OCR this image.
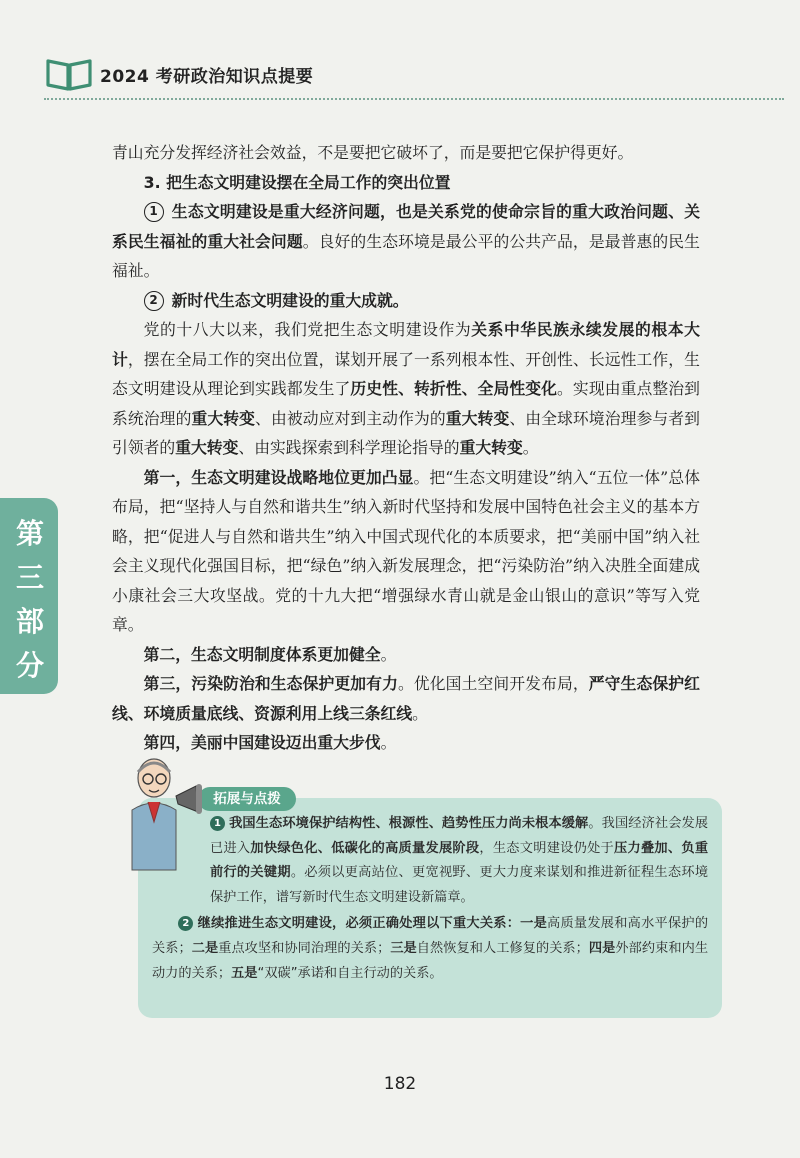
2024 考研政治知识点提要
第
三
部
分

青山充分发挥经济社会效益，不是要把它破坏了，而是要把它保护得更好。

3. 把生态文明建设摆在全局工作的突出位置

1 生态文明建设是重大经济问题，也是关系党的使命宗旨的重大政治问题、关系民生福祉的重大社会问题。良好的生态环境是最公平的公共产品，是最普惠的民生福祉。

2 新时代生态文明建设的重大成就。

党的十八大以来，我们党把生态文明建设作为关系中华民族永续发展的根本大计，摆在全局工作的突出位置，谋划开展了一系列根本性、开创性、长远性工作，生态文明建设从理论到实践都发生了历史性、转折性、全局性变化。实现由重点整治到系统治理的重大转变、由被动应对到主动作为的重大转变、由全球环境治理参与者到引领者的重大转变、由实践探索到科学理论指导的重大转变。

第一，生态文明建设战略地位更加凸显。把“生态文明建设”纳入“五位一体”总体布局，把“坚持人与自然和谐共生”纳入新时代坚持和发展中国特色社会主义的基本方略，把“促进人与自然和谐共生”纳入中国式现代化的本质要求，把“美丽中国”纳入社会主义现代化强国目标，把“绿色”纳入新发展理念，把“污染防治”纳入决胜全面建成小康社会三大攻坚战。党的十九大把“增强绿水青山就是金山银山的意识”等写入党章。

第二，生态文明制度体系更加健全。

第三，污染防治和生态保护更加有力。优化国土空间开发布局，严守生态保护红线、环境质量底线、资源利用上线三条红线。

第四，美丽中国建设迈出重大步伐。

拓展与点拨

1 我国生态环境保护结构性、根源性、趋势性压力尚未根本缓解。我国经济社会发展已进入加快绿色化、低碳化的高质量发展阶段，生态文明建设仍处于压力叠加、负重前行的关键期。必须以更高站位、更宽视野、更大力度来谋划和推进新征程生态环境保护工作，谱写新时代生态文明建设新篇章。

2 继续推进生态文明建设，必须正确处理以下重大关系：一是高质量发展和高水平保护的关系；二是重点攻坚和协同治理的关系；三是自然恢复和人工修复的关系；四是外部约束和内生动力的关系；五是“双碳”承诺和自主行动的关系。

182
